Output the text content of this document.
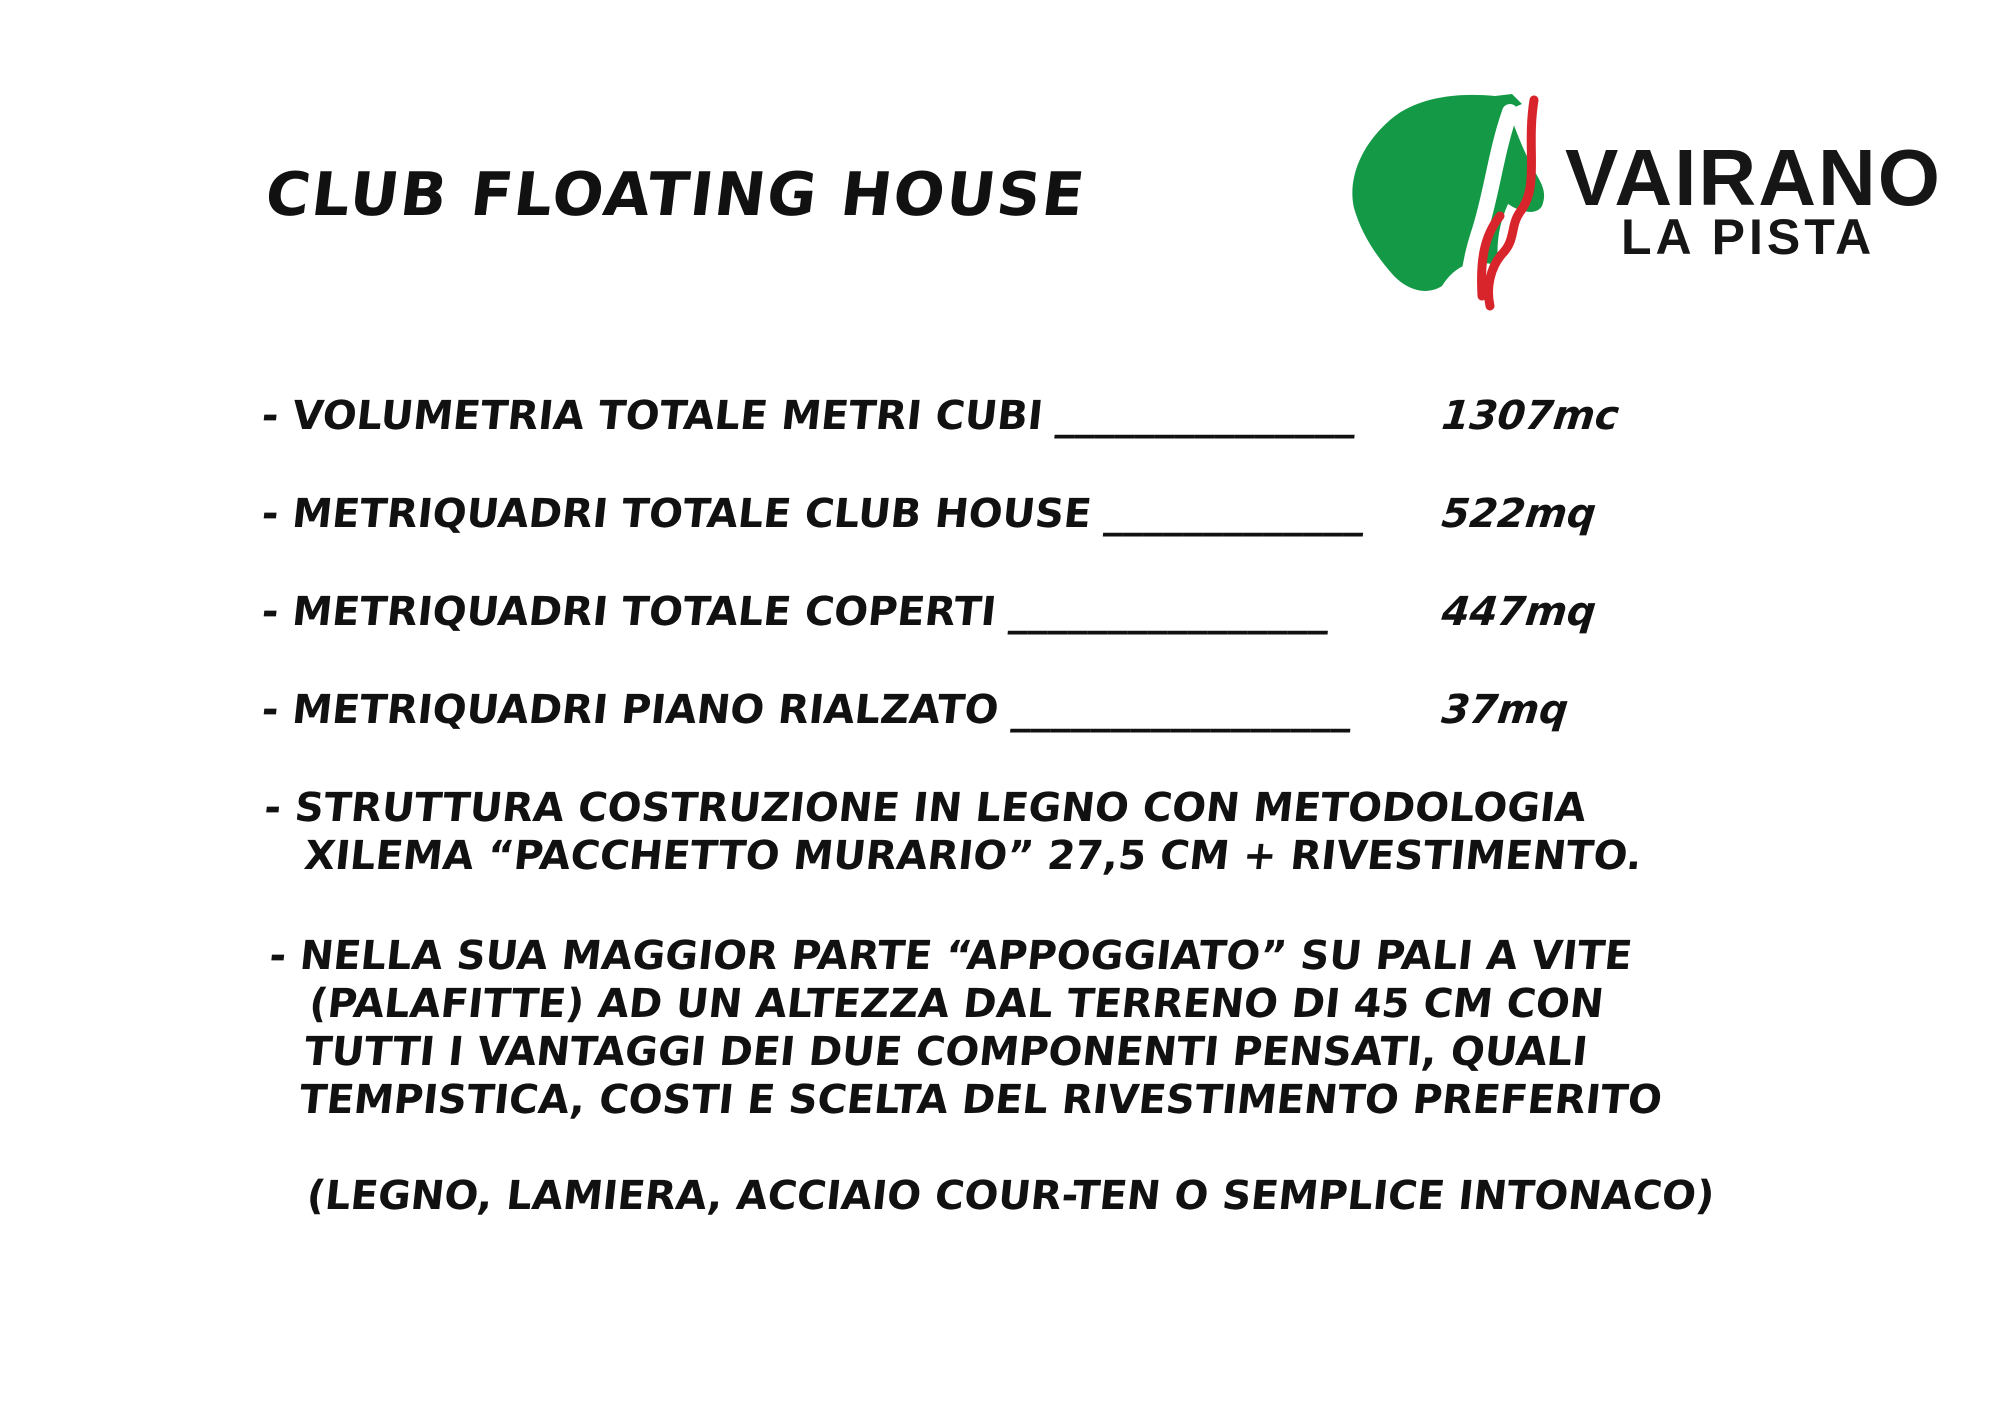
CLUB FLOATING HOUSE	VAIRANO
LA PISTA
- VOLUMETRIA TOTALE METRI CUBI _______________ 1307mc
- METRIQUADRI TOTALE CLUB HOUSE _____________ 522mq
- METRIQUADRI TOTALE COPERTI ________________	447mq
- METRIQUADRI PIANO RIALZATO _________________ 37mq
- STRUTTURA COSTRUZIONE IN LEGNO CON METODOLOGIA
XILEMA “PACCHETTO MURARIO” 27,5 CM + RIVESTIMENTO.
- NELLA SUA MAGGIOR PARTE “APPOGGIATO” SU PALI A VITE
(PALAFITTE) AD UN ALTEZZA DAL TERRENO DI 45 CM CON
TUTTI I VANTAGGI DEI DUE COMPONENTI PENSATI, QUALI
TEMPISTICA, COSTI E SCELTA DEL RIVESTIMENTO PREFERITO
(LEGNO, LAMIERA, ACCIAIO COUR-TEN O SEMPLICE INTONACO)
